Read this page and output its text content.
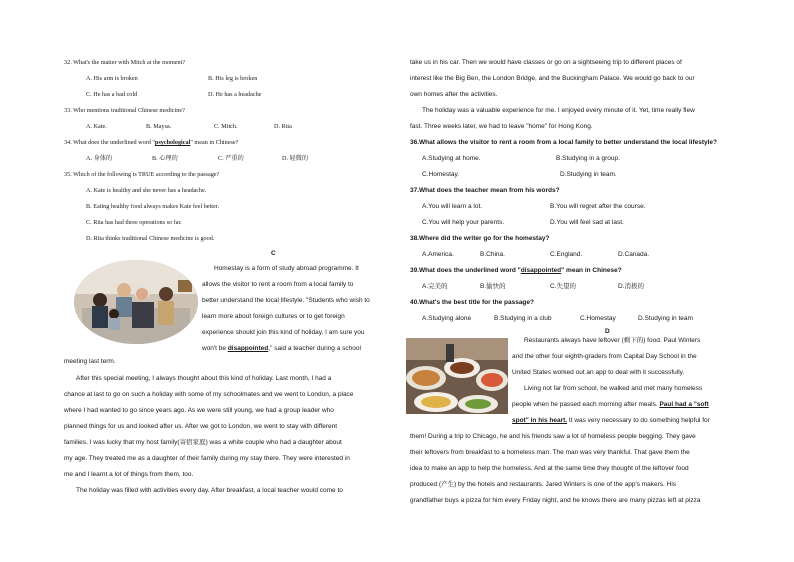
32. What's the matter with Mitch at the moment?
A. His arm is broken	B. His leg is broken
C. He has a bad cold	D. He has a headache
33. Who mentions traditional Chinese medicine?
A. Kate.	B. Maysa.	C. Mitch.	D. Rita
34. What does the underlined word "psychological" mean in Chinese?
A. 身体的	B. 心理的	C. 严重的	D. 轻微的
35. Which of the following is TRUE according to the passage?
A. Kate is healthy and she never has a headache.
B. Eating healthy food always makes Kate feel better.
C. Rita has had three operations so far.
D. Rita thinks traditional Chinese medicine is good.
C
Homestay is a form of study abroad programme. It
allows the visitor to rent a room from a local family to
better understand the local lifestyle. "Students who wish to
learn more about foreign cultures or to get foreign
experience should join this kind of holiday. I am sure you
won't be disappointed," said a teacher during a school
meeting last term.
After this special meeting, I always thought about this kind of holiday. Last month, I had a
chance at last to go on such a holiday with some of my schoolmates and we went to London, a place
where I had wanted to go since years ago. As we were still young, we had a group leader who
planned things for us and looked after us. After we got to London, we went to stay with different
families. I was lucky that my host family(寄宿家庭) was a white couple who had a daughter about
my age. They treated me as a daughter of their family during my stay there. They were interested in
me and I learnt a lot of things from them, too.
The holiday was filled with activities every day. After breakfast, a local teacher would come to
take us in his car. Then we would have classes or go on a sightseeing trip to different places of
interest like the Big Ben, the London Bridge, and the Buckingham Palace. We would go back to our
own homes after the activities.
The holiday was a valuable experience for me. I enjoyed every minute of it. Yet, time really flew
fast. Three weeks later, we had to leave "home" for Hong Kong.
36.What allows the visitor to rent a room from a local family to better understand the local lifestyle?
A.Studying at home.	B.Studying in a group.
C.Homestay.	D.Studying in team.
37.What does the teacher mean from his words?
A.You will learn a lot.	B.You will regret after the course.
C.You will help your parents.	D.You will feel sad at last.
38.Where did the writer go for the homestay?
A.America.	B.China.	C.England.	D.Canada.
39.What does the underlined word "disappointed" mean in Chinese?
A.完美的	B.愉快的	C.失望的	D.消极的
40.What's the best title for the passage?
A.Studying alone	B.Studying in a club	C.Homestay	D.Studying in team
D
Restaurants always have leftover (剩下的) food. Paul Winters
and the other four eighth-graders from Capital Day School in the
United States worked out an app to deal with it successfully.
Living not far from school, he walked and met many homeless
people when he passed each morning after meals. Paul had a "soft
spot" in his heart. It was very necessary to do something helpful for
them! During a trip to Chicago, he and his friends saw a lot of homeless people begging. They gave
their leftovers from breakfast to a homeless man. The man was very thankful. That gave them the
idea to make an app to help the homeless. And at the same time they thought of the leftover food
produced (产生) by the hotels and restaurants. Jared Winters is one of the app's makers. His
grandfather buys a pizza for him every Friday night, and he knows there are many pizzas left at pizza
